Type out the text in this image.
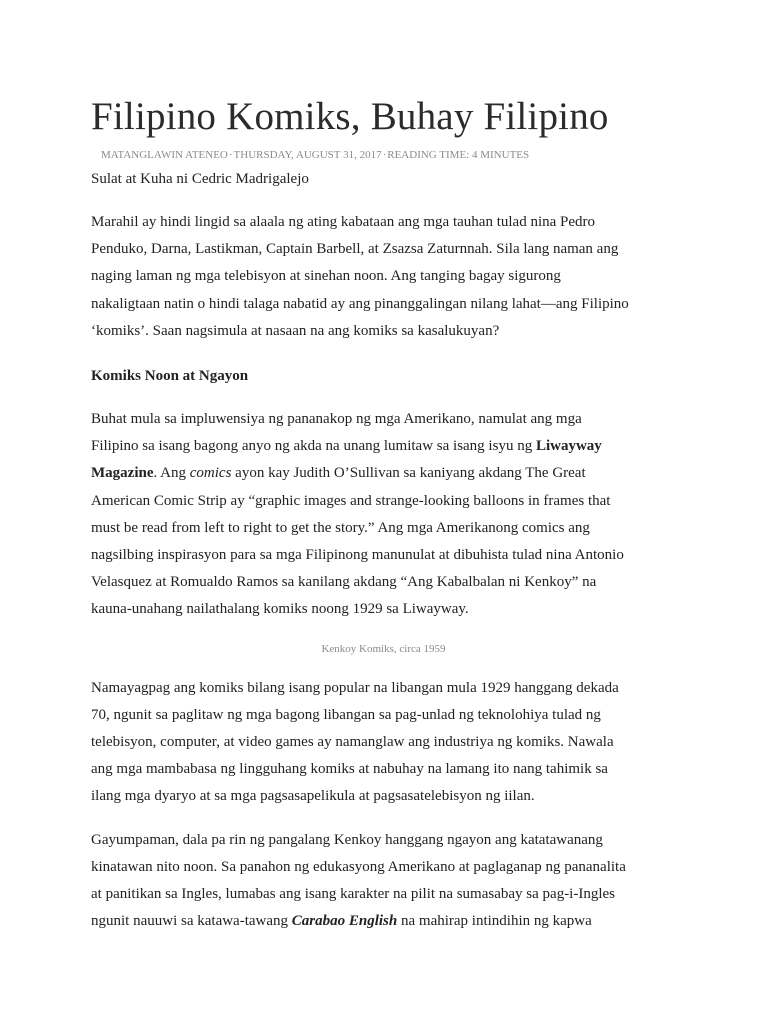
Filipino Komiks, Buhay Filipino
MATANGLAWIN ATENEO·THURSDAY, AUGUST 31, 2017·READING TIME: 4 MINUTES
Sulat at Kuha ni Cedric Madrigalejo

Marahil ay hindi lingid sa alaala ng ating kabataan ang mga tauhan tulad nina Pedro
Penduko, Darna, Lastikman, Captain Barbell, at Zsazsa Zaturnnah. Sila lang naman ang
naging laman ng mga telebisyon at sinehan noon. Ang tanging bagay sigurong
nakaligtaan natin o hindi talaga nabatid ay ang pinanggalingan nilang lahat—ang Filipino
‘komiks’. Saan nagsimula at nasaan na ang komiks sa kasalukuyan?

Komiks Noon at Ngayon

Buhat mula sa impluwensiya ng pananakop ng mga Amerikano, namulat ang mga
Filipino sa isang bagong anyo ng akda na unang lumitaw sa isang isyu ng Liwayway
Magazine. Ang comics ayon kay Judith O’Sullivan sa kaniyang akdang The Great
American Comic Strip ay “graphic images and strange-looking balloons in frames that
must be read from left to right to get the story.” Ang mga Amerikanong comics ang
nagsilbing inspirasyon para sa mga Filipinong manunulat at dibuhista tulad nina Antonio
Velasquez at Romualdo Ramos sa kanilang akdang “Ang Kabalbalan ni Kenkoy” na
kauna-unahang nailathalang komiks noong 1929 sa Liwayway.

Kenkoy Komiks, circa 1959

Namayagpag ang komiks bilang isang popular na libangan mula 1929 hanggang dekada
70, ngunit sa paglitaw ng mga bagong libangan sa pag-unlad ng teknolohiya tulad ng
telebisyon, computer, at video games ay namanglaw ang industriya ng komiks. Nawala
ang mga mambabasa ng lingguhang komiks at nabuhay na lamang ito nang tahimik sa
ilang mga dyaryo at sa mga pagsasapelikula at pagsasatelebisyon ng iilan.

Gayumpaman, dala pa rin ng pangalang Kenkoy hanggang ngayon ang katatawanang
kinatawan nito noon. Sa panahon ng edukasyong Amerikano at paglaganap ng pananalita
at panitikan sa Ingles, lumabas ang isang karakter na pilit na sumasabay sa pag-i-Ingles
ngunit nauuwi sa katawa-tawang Carabao English na mahirap intindihin ng kapwa
